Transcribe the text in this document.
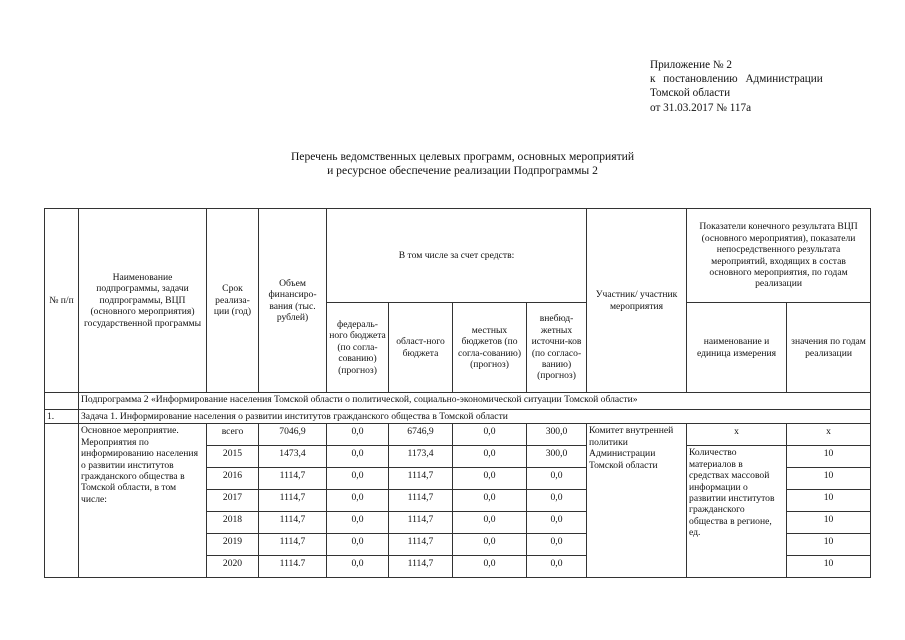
Приложение № 2
к постановлению Администрации
Томской области
от 31.03.2017 № 117а
Перечень ведомственных целевых программ, основных мероприятий
и ресурсное обеспечение реализации Подпрограммы 2
№ п/п	Наименование подпрограммы, задачи подпрограммы, ВЦП (основного мероприятия) государственной программы	Срок реализа-ции (год)	Объем финансиро-вания (тыс. рублей)	В том числе за счет средств:				Участник/ участник мероприятия	Показатели конечного результата ВЦП (основного мероприятия), показатели непосредственного результата мероприятий, входящих в состав основного мероприятия, по годам реализации	
				федераль-ного бюджета (по согла-сованию) (прогноз)	област-ного бюджета	местных бюджетов (по согла-сованию) (прогноз)	внебюд-жетных источни-ков (по согласо-ванию) (прогноз)		наименование и единица измерения	значения по годам реализации
	Подпрограмма 2 «Информирование населения Томской области о политической, социально-экономической ситуации Томской области»									
1.	Задача 1. Информирование населения о развитии институтов гражданского общества в Томской области									
	Основное мероприятие. Мероприятия по информированию населения о развитии институтов гражданского общества в Томской области, в том числе:	всего	7046,9	0,0	6746,9	0,0	300,0	Комитет внутренней политики Администрации Томской области	х	х
		2015	1473,4	0,0	1173,4	0,0	300,0		Количество материалов в средствах массовой информации о развитии институтов гражданского общества в регионе, ед.	10
		2016	1114,7	0,0	1114,7	0,0	0,0			10
		2017	1114,7	0,0	1114,7	0,0	0,0			10
		2018	1114,7	0,0	1114,7	0,0	0,0			10
		2019	1114,7	0,0	1114,7	0,0	0,0			10
		2020	1114.7	0,0	1114,7	0,0	0,0			10
